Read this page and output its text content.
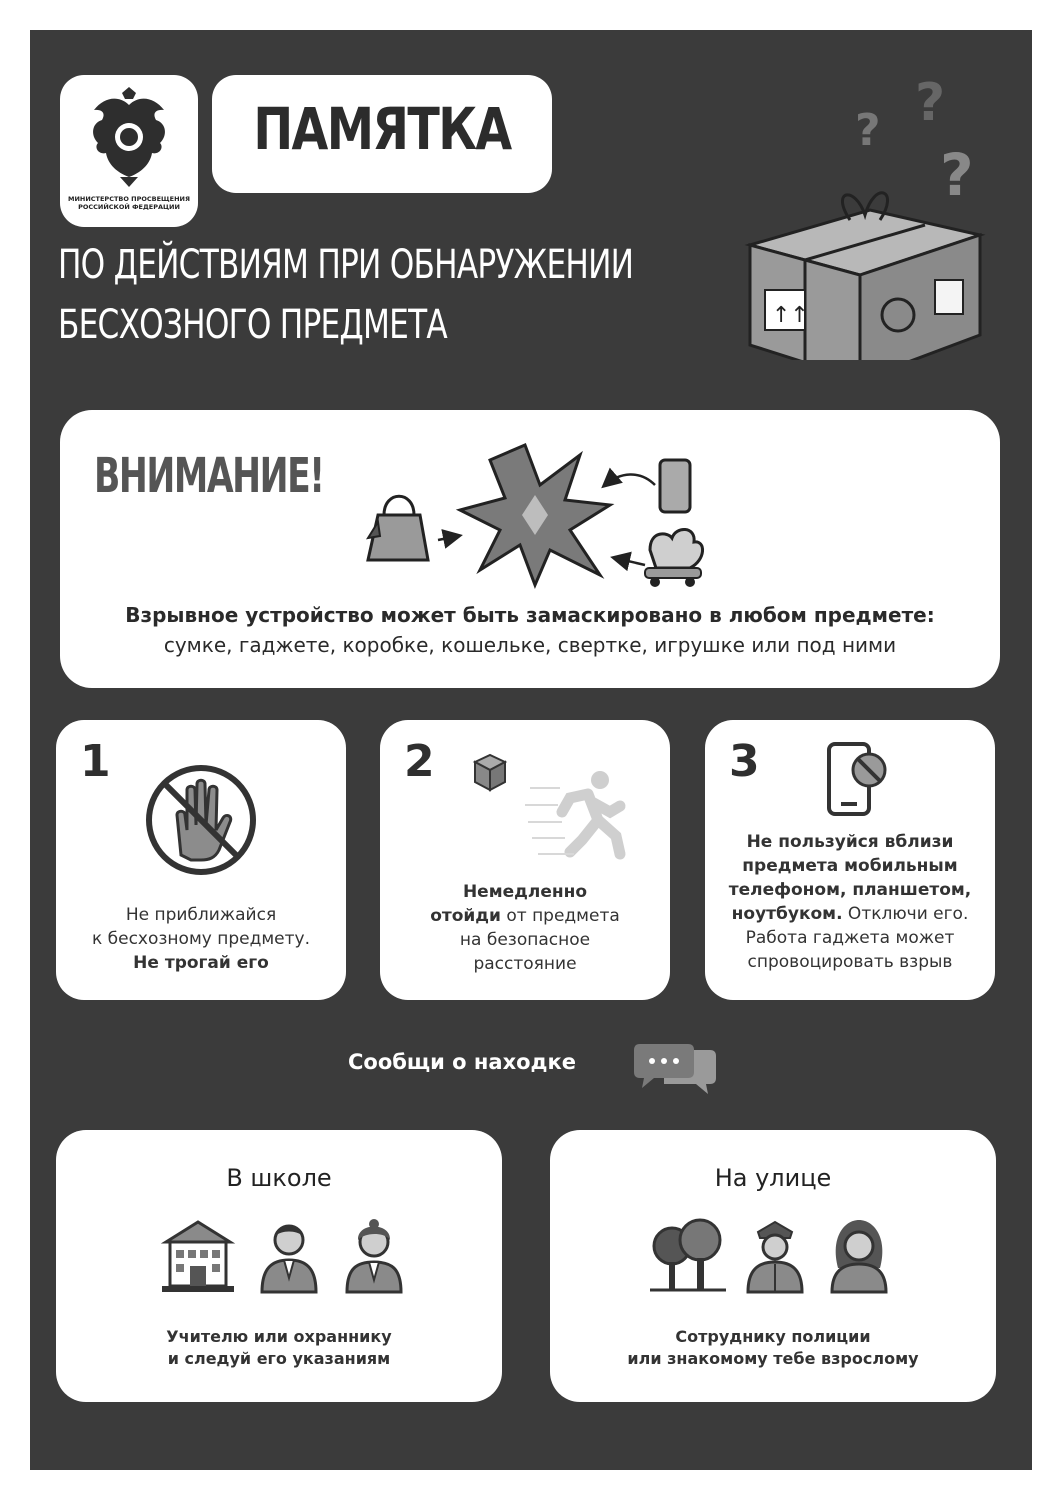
МИНИСТЕРСТВО ПРОСВЕЩЕНИЯ РОССИЙСКОЙ ФЕДЕРАЦИИ
ПАМЯТКА
ПО ДЕЙСТВИЯМ ПРИ ОБНАРУЖЕНИИ
БЕСХОЗНОГО ПРЕДМЕТА
? ?
?
↑↑
ВНИМАНИЕ!
Взрывное устройство может быть замаскировано в любом предмете:
сумке, гаджете, коробке, кошельке, свертке, игрушке или под ними
1
Не приближайся
к бесхозному предмету.
Не трогай его
2
Немедленно
отойди от предмета
на безопасное
расстояние
3
Не пользуйся вблизи
предмета мобильным
телефоном, планшетом,
ноутбуком. Отключи его.
Работа гаджета может
спровоцировать взрыв
Сообщи о находке
В школе
Учителю или охраннику
и следуй его указаниям
На улице
Сотруднику полиции
или знакомому тебе взрослому
